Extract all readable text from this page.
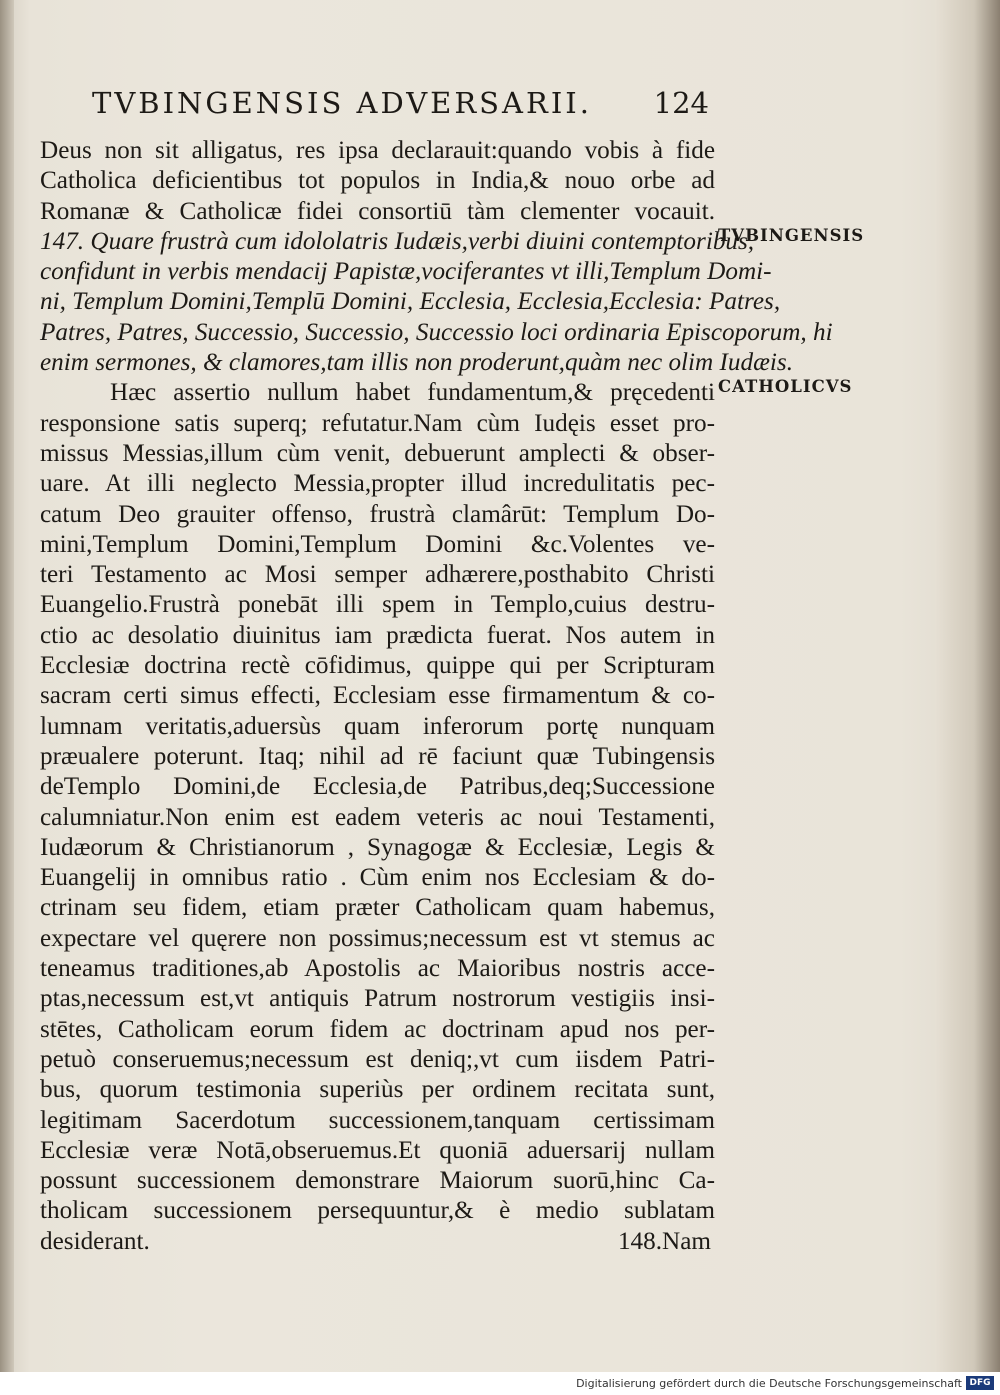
TVBINGENSIS ADVERSARII. 124
TVBINGENSIS
CATHOLICVS
Deus non sit alligatus, res ipsa declarauit:quando vobis à fide
Catholica deficientibus tot populos in India,& nouo orbe ad
Romanæ & Catholicæ fidei consortiū tàm clementer vocauit.
147. Quare frustrà cum idololatris Iudæis,verbi diuini contemptoribus,
confidunt in verbis mendacij Papistæ,vociferantes vt illi,Templum Domi-
ni, Templum Domini,Templū Domini, Ecclesia, Ecclesia,Ecclesia: Patres,
Patres, Patres, Successio, Successio, Successio loci ordinaria Episcoporum, hi
enim sermones, & clamores,tam illis non proderunt,quàm nec olim Iudæis.
Hæc assertio nullum habet fundamentum,& pręcedenti
responsione satis superq; refutatur.Nam cùm Iudęis esset pro-
missus Messias,illum cùm venit, debuerunt amplecti & obser-
uare. At illi neglecto Messia,propter illud incredulitatis pec-
catum Deo grauiter offenso, frustrà clamârūt: Templum Do-
mini,Templum Domini,Templum Domini &c.Volentes ve-
teri Testamento ac Mosi semper adhærere,posthabito Christi
Euangelio.Frustrà ponebāt illi spem in Templo,cuius destru-
ctio ac desolatio diuinitus iam prædicta fuerat. Nos autem in
Ecclesiæ doctrina rectè cōfidimus, quippe qui per Scripturam
sacram certi simus effecti, Ecclesiam esse firmamentum & co-
lumnam veritatis,aduersùs quam inferorum portę nunquam
præualere poterunt. Itaq; nihil ad rē faciunt quæ Tubingensis
deTemplo Domini,de Ecclesia,de Patribus,deq;Successione
calumniatur.Non enim est eadem veteris ac noui Testamenti,
Iudæorum & Christianorum , Synagogæ & Ecclesiæ, Legis &
Euangelij in omnibus ratio . Cùm enim nos Ecclesiam & do-
ctrinam seu fidem, etiam præter Catholicam quam habemus,
expectare vel quęrere non possimus;necessum est vt stemus ac
teneamus traditiones,ab Apostolis ac Maioribus nostris acce-
ptas,necessum est,vt antiquis Patrum nostrorum vestigiis insi-
stētes, Catholicam eorum fidem ac doctrinam apud nos per-
petuò conseruemus;necessum est deniq;,vt cum iisdem Patri-
bus, quorum testimonia superiùs per ordinem recitata sunt,
legitimam Sacerdotum successionem,tanquam certissimam
Ecclesiæ veræ Notā,obseruemus.Et quoniā aduersarij nullam
possunt successionem demonstrare Maiorum suorū,hinc Ca-
tholicam successionem persequuntur,& è medio sublatam
desiderant.	148.Nam
Digitalisierung gefördert durch die Deutsche Forschungsgemeinschaft DFG
